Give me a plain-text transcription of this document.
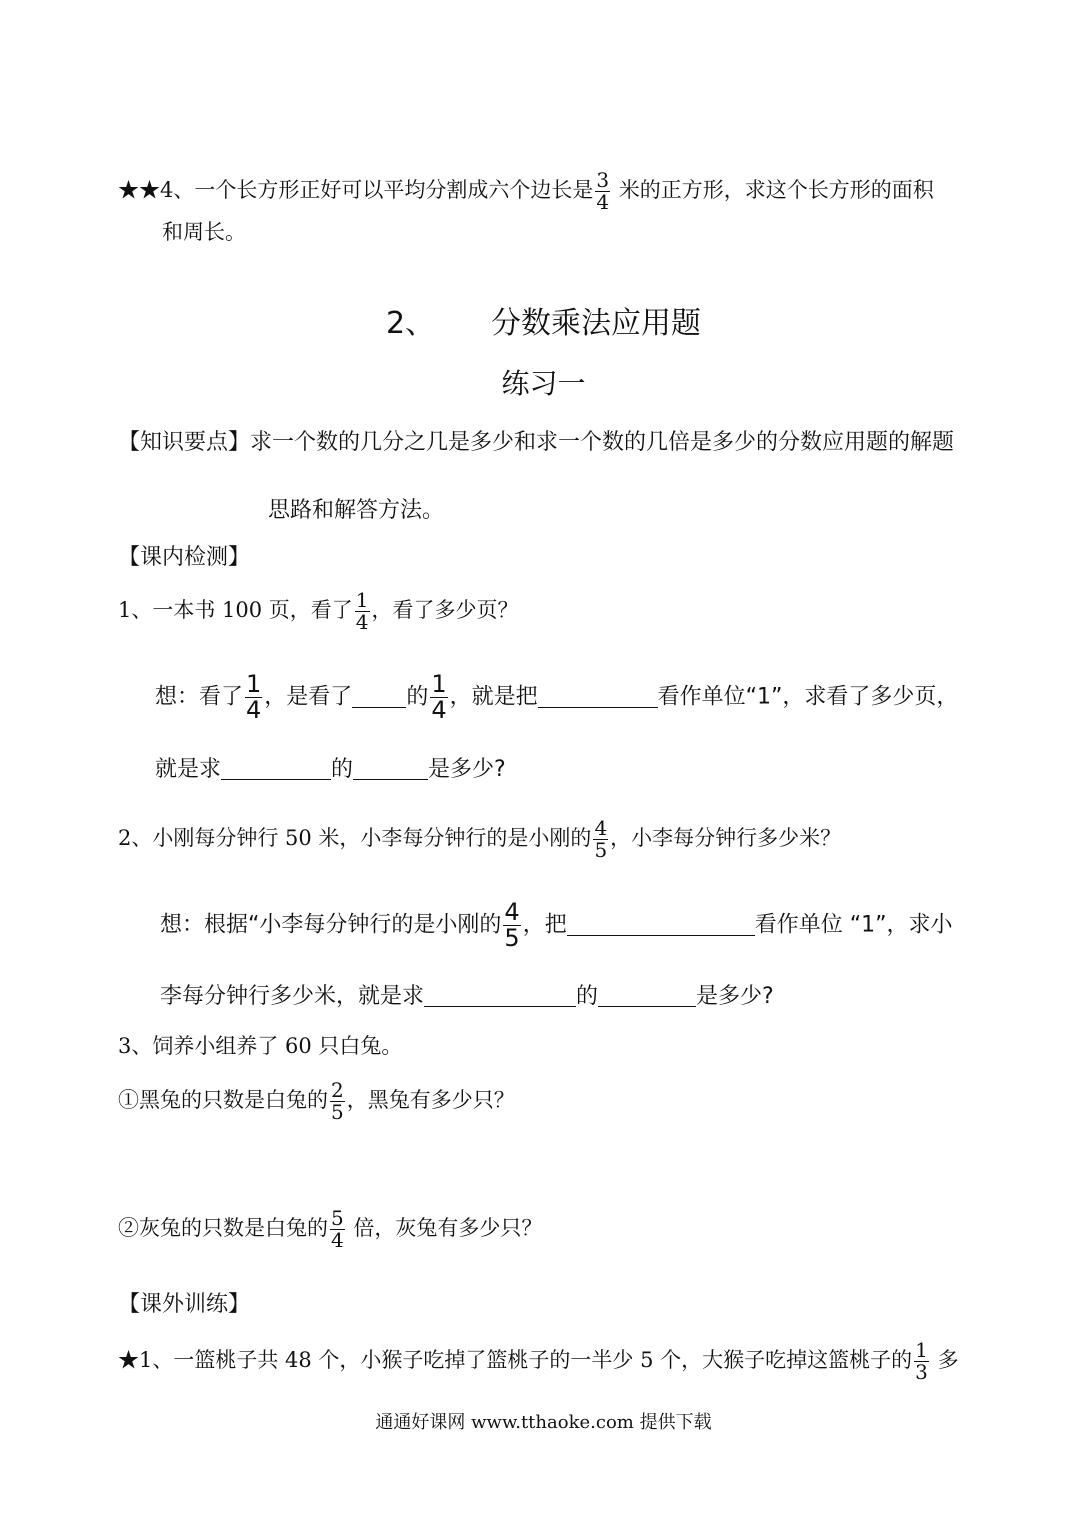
★★4、一个长方形正好可以平均分割成六个边长是 $\frac{3}{4}$ 米的正方形，求这个长方形的面积
和周长。
2、 分数乘法应用题
练习一
【知识要点】求一个数的几分之几是多少和求一个数的几倍是多少的分数应用题的解题
思路和解答方法。
【课内检测】
1、一本书 100 页，看了 $\frac{1}{4}$ ，看了多少页？
想：看了 $\frac{1}{4}$ ，是看了 的 $\frac{1}{4}$ ，就是把	看作单位“1”，求看了多少页，
就是求	的	是多少?
2、小刚每分钟行 50 米，小李每分钟行的是小刚的 $\frac{4}{5}$ ，小李每分钟行多少米？
想：根据“小李每分钟行的是小刚的 $\frac{4}{5}$ ，把	看作单位 “1”，求小
李每分钟行多少米，就是求	的	是多少?
3、饲养小组养了 60 只白兔。
①黑兔的只数是白兔的 $\frac{2}{5}$ ，黑兔有多少只？
②灰兔的只数是白兔的 $\frac{5}{4}$ 倍，灰兔有多少只？
【课外训练】
★1、一篮桃子共 48 个，小猴子吃掉了篮桃子的一半少 5 个，大猴子吃掉这篮桃子的 $\frac{1}{3}$ 多
通通好课网 www.tthaoke.com 提供下载
